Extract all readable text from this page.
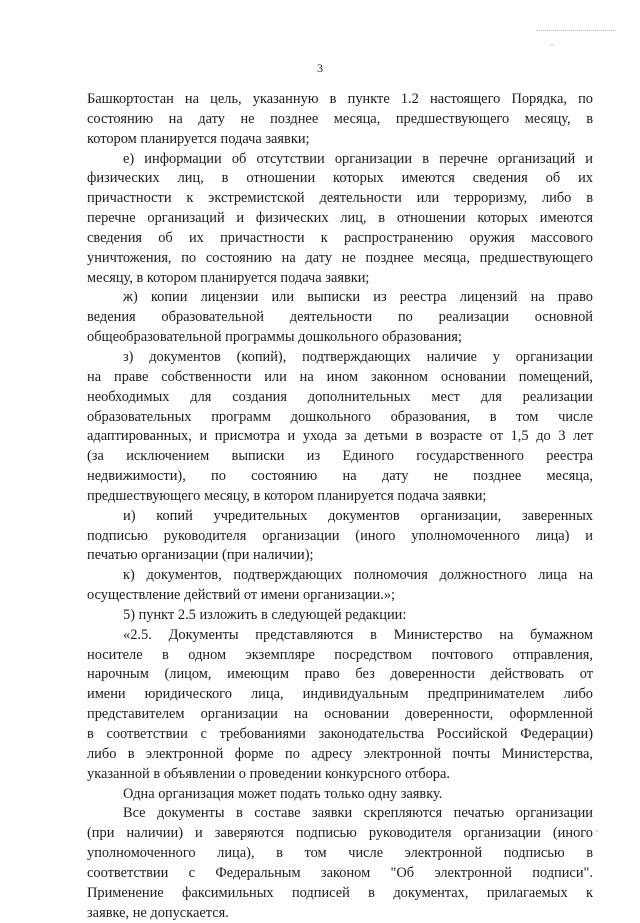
3
Башкортостан на цель, указанную в пункте 1.2 настоящего Порядка, по
состоянию на дату не позднее месяца, предшествующего месяцу, в
котором планируется подача заявки;
е) информации об отсутствии организации в перечне организаций и
физических лиц, в отношении которых имеются сведения об их
причастности к экстремистской деятельности или терроризму, либо в
перечне организаций и физических лиц, в отношении которых имеются
сведения об их причастности к распространению оружия массового
уничтожения, по состоянию на дату не позднее месяца, предшествующего
месяцу, в котором планируется подача заявки;
ж) копии лицензии или выписки из реестра лицензий на право
ведения образовательной деятельности по реализации основной
общеобразовательной программы дошкольного образования;
з) документов (копий), подтверждающих наличие у организации
на праве собственности или на ином законном основании помещений,
необходимых для создания дополнительных мест для реализации
образовательных программ дошкольного образования, в том числе
адаптированных, и присмотра и ухода за детьми в возрасте от 1,5 до 3 лет
(за исключением выписки из Единого государственного реестра
недвижимости), по состоянию на дату не позднее месяца,
предшествующего месяцу, в котором планируется подача заявки;
и) копий учредительных документов организации, заверенных
подписью руководителя организации (иного уполномоченного лица) и
печатью организации (при наличии);
к) документов, подтверждающих полномочия должностного лица на
осуществление действий от имени организации.»;
5) пункт 2.5 изложить в следующей редакции:
«2.5. Документы представляются в Министерство на бумажном
носителе в одном экземпляре посредством почтового отправления,
нарочным (лицом, имеющим право без доверенности действовать от
имени юридического лица, индивидуальным предпринимателем либо
представителем организации на основании доверенности, оформленной
в соответствии с требованиями законодательства Российской Федерации)
либо в электронной форме по адресу электронной почты Министерства,
указанной в объявлении о проведении конкурсного отбора.
Одна организация может подать только одну заявку.
Все документы в составе заявки скрепляются печатью организации
(при наличии) и заверяются подписью руководителя организации (иного
уполномоченного лица), в том числе электронной подписью в
соответствии с Федеральным законом "Об электронной подписи".
Применение факсимильных подписей в документах, прилагаемых к
заявке, не допускается.
